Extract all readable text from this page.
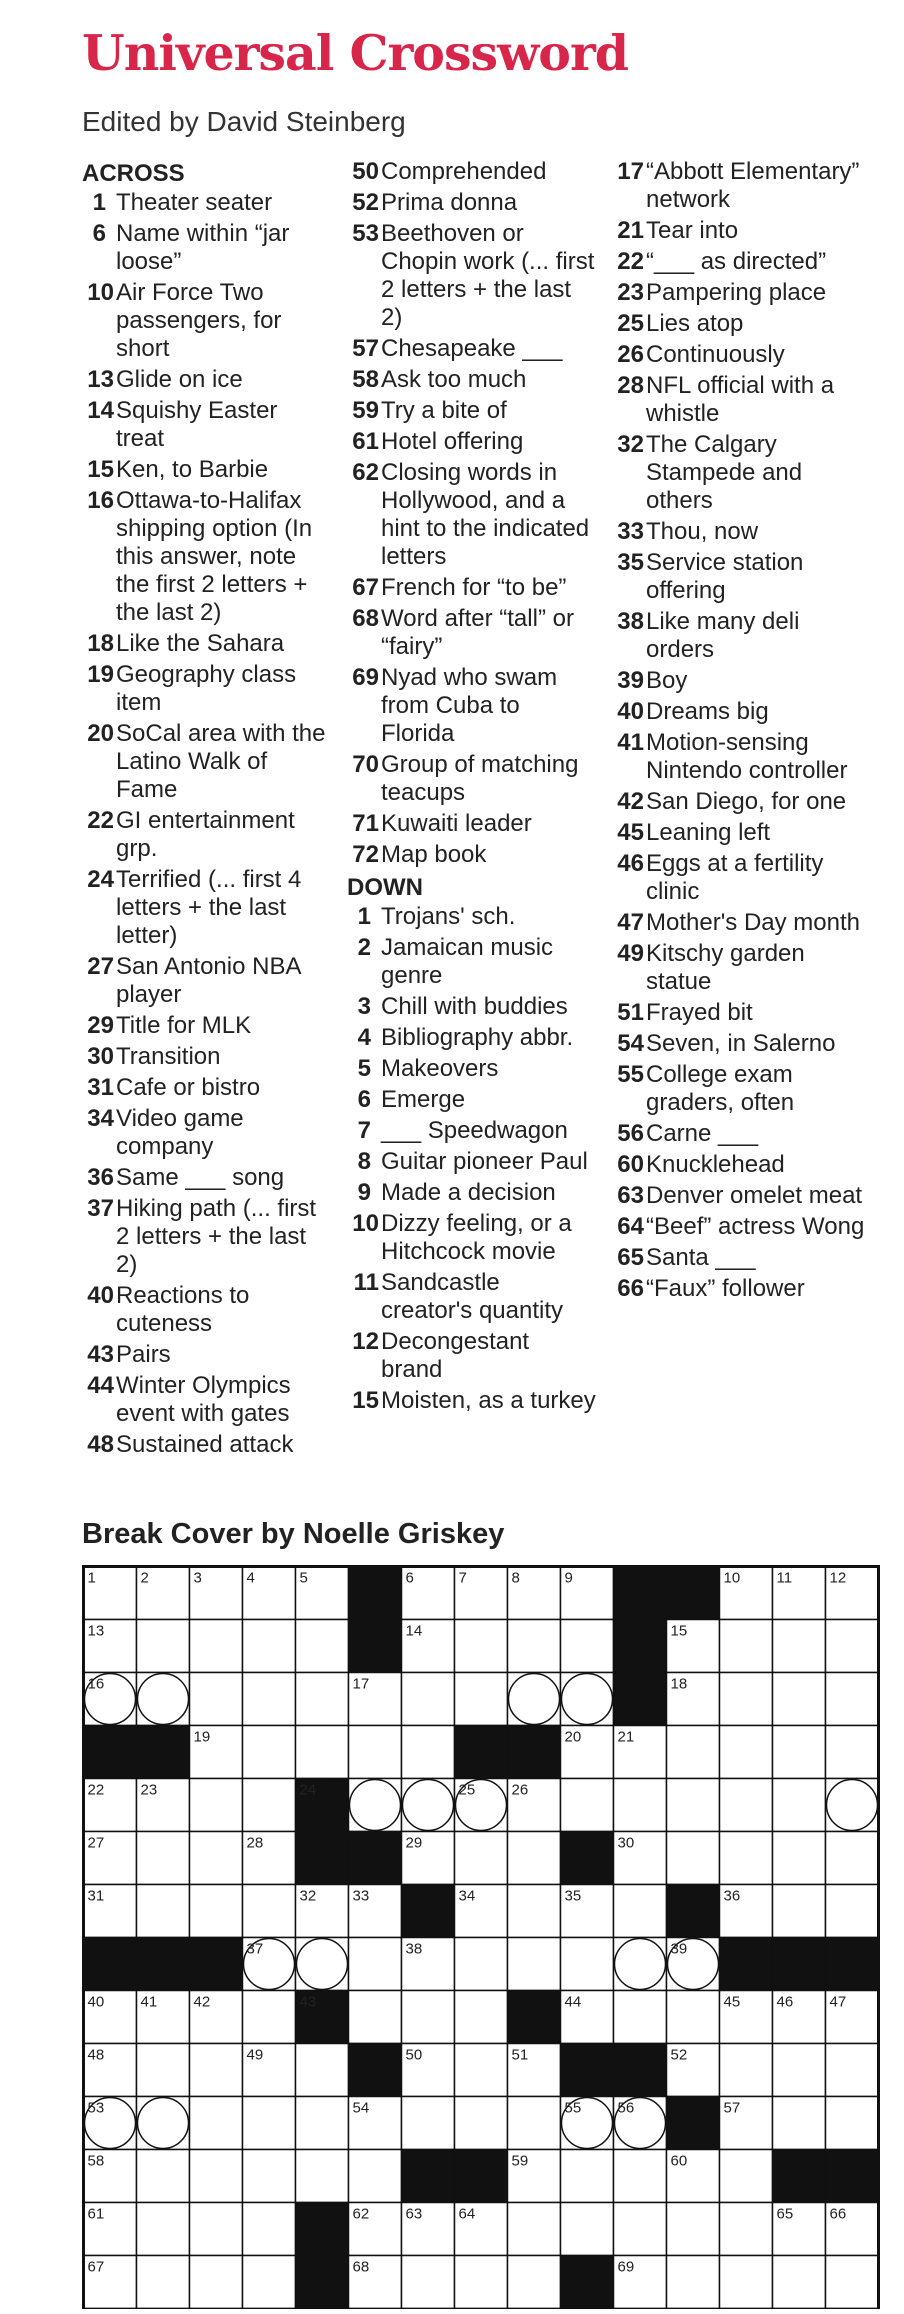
Universal Crossword
Edited by David Steinberg
ACROSS
1 Theater seater
6 Name within “jar loose”
10 Air Force Two passengers, for short
13 Glide on ice
14 Squishy Easter treat
15 Ken, to Barbie
16 Ottawa-to-Halifax shipping option (In this answer, note the first 2 letters + the last 2)
18 Like the Sahara
19 Geography class item
20 SoCal area with the Latino Walk of Fame
22 GI entertainment grp.
24 Terrified (... first 4 letters + the last letter)
27 San Antonio NBA player
29 Title for MLK
30 Transition
31 Cafe or bistro
34 Video game company
36 Same ___ song
37 Hiking path (... first 2 letters + the last 2)
40 Reactions to cuteness
43 Pairs
44 Winter Olympics event with gates
48 Sustained attack
50 Comprehended
52 Prima donna
53 Beethoven or Chopin work (... first 2 letters + the last 2)
57 Chesapeake ___
58 Ask too much
59 Try a bite of
61 Hotel offering
62 Closing words in Hollywood, and a hint to the indicated letters
67 French for “to be”
68 Word after “tall” or “fairy”
69 Nyad who swam from Cuba to Florida
70 Group of matching teacups
71 Kuwaiti leader
72 Map book
DOWN
1 Trojans' sch.
2 Jamaican music genre
3 Chill with buddies
4 Bibliography abbr.
5 Makeovers
6 Emerge
7 ___ Speedwagon
8 Guitar pioneer Paul
9 Made a decision
10 Dizzy feeling, or a Hitchcock movie
11 Sandcastle creator's quantity
12 Decongestant brand
15 Moisten, as a turkey
17 “Abbott Elementary” network
21 Tear into
22 “___ as directed”
23 Pampering place
25 Lies atop
26 Continuously
28 NFL official with a whistle
32 The Calgary Stampede and others
33 Thou, now
35 Service station offering
38 Like many deli orders
39 Boy
40 Dreams big
41 Motion-sensing Nintendo controller
42 San Diego, for one
45 Leaning left
46 Eggs at a fertility clinic
47 Mother's Day month
49 Kitschy garden statue
51 Frayed bit
54 Seven, in Salerno
55 College exam graders, often
56 Carne ___
60 Knucklehead
63 Denver omelet meat
64 “Beef” actress Wong
65 Santa ___
66 “Faux” follower
Break Cover by Noelle Griskey
1	2	3	4	5	6	7	8	9	10 11 12
13	14	15
16	17	18
19	20 21
22 23	24	25 26
27	28	29	30
31	32 33	34	35	36
37	38	39
40 41 42	43	44	45 46 47
48	49	50	51	52
53	54	55 56	57
58	59	60
61	62 63 64	65 66
67	68	69
